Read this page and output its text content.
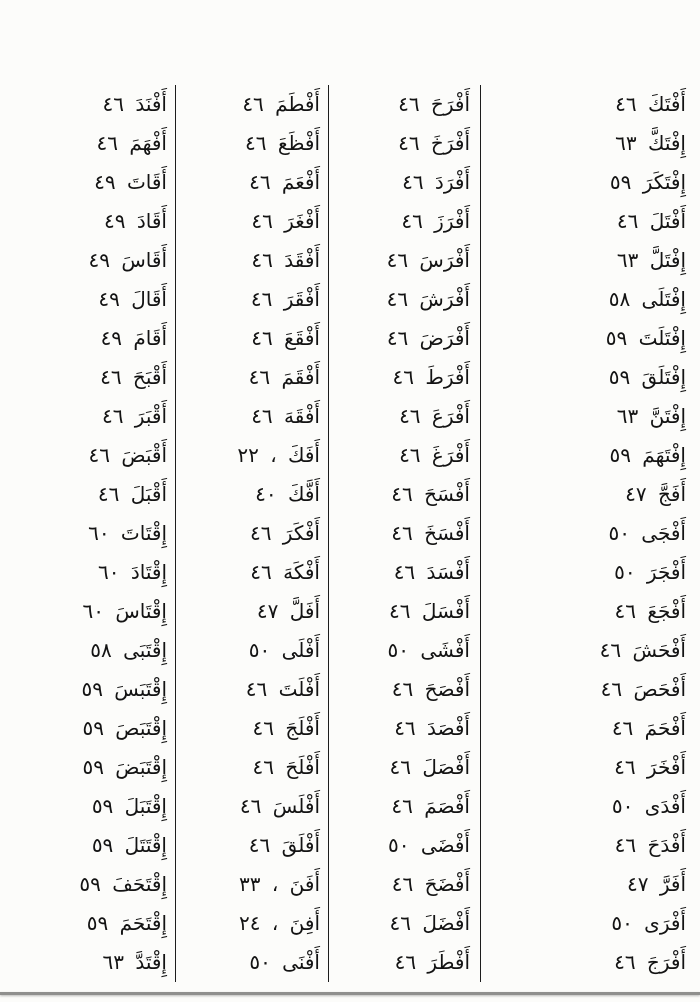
أَفْتَكَ ٤٦
إِفْتَكَّ ٦٣
إِفْتَكَرَ ٥٩
أَفْتَلَ ٤٦
إِفْتَلَّ ٦٣
إِفْتَلَى ٥٨
إِفْتَلَتَ ٥٩
إِفْتَلَقَ ٥٩
إِفْتَنَّ ٦٣
إِفْتَهَمَ ٥٩
أَفَجَّ ٤٧
أَفْجَى ٥٠
أَفْجَرَ ٥٠
أَفْجَعَ ٤٦
أَفْحَشَ ٤٦
أَفْحَصَ ٤٦
أَفْحَمَ ٤٦
أَفْخَرَ ٤٦
أَفْدَى ٥٠
أَفْدَحَ ٤٦
أَفَرَّ ٤٧
أَفْرَى ٥٠
أَفْرَجَ ٤٦
أَفْرَحَ ٤٦
أَفْرَخَ ٤٦
أَفْرَدَ ٤٦
أَفْرَزَ ٤٦
أَفْرَسَ ٤٦
أَفْرَشَ ٤٦
أَفْرَضَ ٤٦
أَفْرَطَ ٤٦
أَفْرَعَ ٤٦
أَفْرَغَ ٤٦
أَفْسَحَ ٤٦
أَفْسَخَ ٤٦
أَفْسَدَ ٤٦
أَفْسَلَ ٤٦
أَفْشَى ٥٠
أَفْصَحَ ٤٦
أَفْصَدَ ٤٦
أَفْصَلَ ٤٦
أَفْصَمَ ٤٦
أَفْضَى ٥٠
أَفْضَحَ ٤٦
أَفْضَلَ ٤٦
أَفْطَرَ ٤٦
أَفْطَمَ ٤٦
أَفْظَعَ ٤٦
أَفْعَمَ ٤٦
أَفْغَرَ ٤٦
أَفْقَدَ ٤٦
أَفْقَرَ ٤٦
أَفْقَعَ ٤٦
أَفْقَمَ ٤٦
أَفْقَهَ ٤٦
أَفَكَ ، ٢٢
أَفَّكَ ٤٠
أَفْكَرَ ٤٦
أَفْكَهَ ٤٦
أَفَلَّ ٤٧
أَفْلَى ٥٠
أَفْلَتَ ٤٦
أَفْلَجَ ٤٦
أَفْلَحَ ٤٦
أَفْلَسَ ٤٦
أَفْلَقَ ٤٦
أَفَنَ ، ٣٣
أَفِنَ ، ٢٤
أَفْنَى ٥٠
أَفْنَدَ ٤٦
أَفْهَمَ ٤٦
أَقَاتَ ٤٩
أَقَادَ ٤٩
أَقَاسَ ٤٩
أَقَالَ ٤٩
أَقَامَ ٤٩
أَقْبَحَ ٤٦
أَقْبَرَ ٤٦
أَقْبَضَ ٤٦
أَقْبَلَ ٤٦
إِقْتَاتَ ٦٠
إِقْتَادَ ٦٠
إِقْتَاسَ ٦٠
إِقْتَبَى ٥٨
إِقْتَبَسَ ٥٩
إِقْتَبَصَ ٥٩
إِقْتَبَضَ ٥٩
إِقْتَبَلَ ٥٩
إِقْتَتَلَ ٥٩
إِقْتَحَفَ ٥٩
إِقْتَحَمَ ٥٩
إِقْتَدَّ ٦٣
